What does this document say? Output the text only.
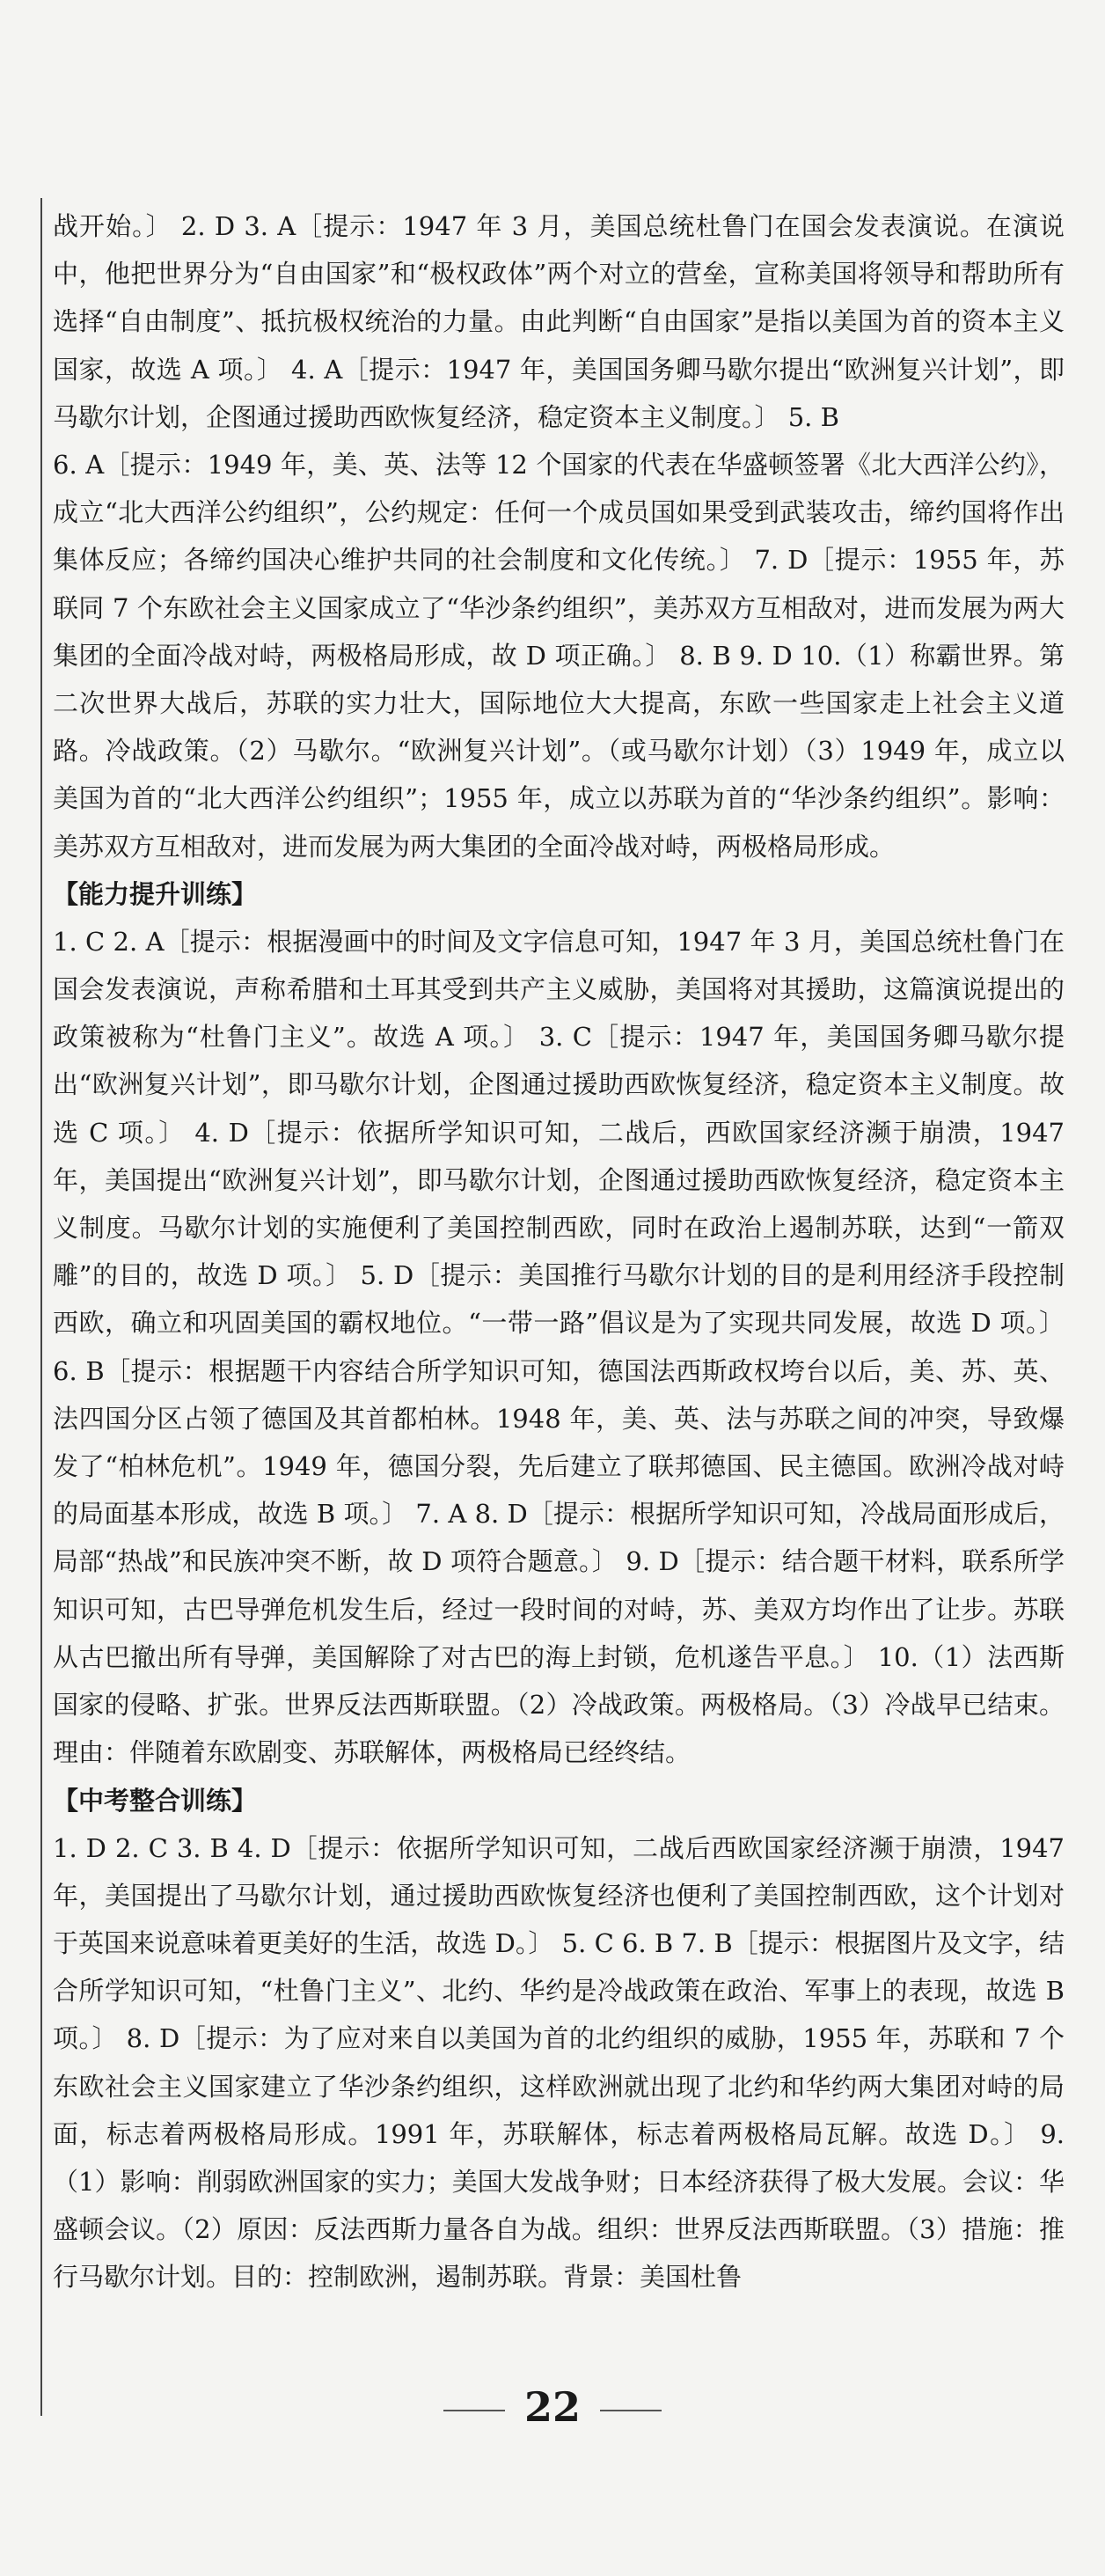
战开始。〕 2. D 3. A［提示：1947 年 3 月，美国总统杜鲁门在国会发表演说。在演说中，他把世界分为“自由国家”和“极权政体”两个对立的营垒，宣称美国将领导和帮助所有选择“自由制度”、抵抗极权统治的力量。由此判断“自由国家”是指以美国为首的资本主义国家，故选 A 项。〕 4. A［提示：1947 年，美国国务卿马歇尔提出“欧洲复兴计划”，即马歇尔计划，企图通过援助西欧恢复经济，稳定资本主义制度。〕 5. B

6. A［提示：1949 年，美、英、法等 12 个国家的代表在华盛顿签署《北大西洋公约》，成立“北大西洋公约组织”，公约规定：任何一个成员国如果受到武装攻击，缔约国将作出集体反应；各缔约国决心维护共同的社会制度和文化传统。〕 7. D［提示：1955 年，苏联同 7 个东欧社会主义国家成立了“华沙条约组织”，美苏双方互相敌对，进而发展为两大集团的全面冷战对峙，两极格局形成，故 D 项正确。〕 8. B 9. D 10.（1）称霸世界。第二次世界大战后，苏联的实力壮大，国际地位大大提高，东欧一些国家走上社会主义道路。冷战政策。（2）马歇尔。“欧洲复兴计划”。（或马歇尔计划）（3）1949 年，成立以美国为首的“北大西洋公约组织”；1955 年，成立以苏联为首的“华沙条约组织”。影响：美苏双方互相敌对，进而发展为两大集团的全面冷战对峙，两极格局形成。

【能力提升训练】

1. C 2. A［提示：根据漫画中的时间及文字信息可知，1947 年 3 月，美国总统杜鲁门在国会发表演说，声称希腊和土耳其受到共产主义威胁，美国将对其援助，这篇演说提出的政策被称为“杜鲁门主义”。故选 A 项。〕 3. C［提示：1947 年，美国国务卿马歇尔提出“欧洲复兴计划”，即马歇尔计划，企图通过援助西欧恢复经济，稳定资本主义制度。故选 C 项。〕 4. D［提示：依据所学知识可知，二战后，西欧国家经济濒于崩溃，1947 年，美国提出“欧洲复兴计划”，即马歇尔计划，企图通过援助西欧恢复经济，稳定资本主义制度。马歇尔计划的实施便利了美国控制西欧，同时在政治上遏制苏联，达到“一箭双雕”的目的，故选 D 项。〕 5. D［提示：美国推行马歇尔计划的目的是利用经济手段控制西欧，确立和巩固美国的霸权地位。“一带一路”倡议是为了实现共同发展，故选 D 项。〕 6. B［提示：根据题干内容结合所学知识可知，德国法西斯政权垮台以后，美、苏、英、法四国分区占领了德国及其首都柏林。1948 年，美、英、法与苏联之间的冲突，导致爆发了“柏林危机”。1949 年，德国分裂，先后建立了联邦德国、民主德国。欧洲冷战对峙的局面基本形成，故选 B 项。〕 7. A 8. D［提示：根据所学知识可知，冷战局面形成后，局部“热战”和民族冲突不断，故 D 项符合题意。〕 9. D［提示：结合题干材料，联系所学知识可知，古巴导弹危机发生后，经过一段时间的对峙，苏、美双方均作出了让步。苏联从古巴撤出所有导弹，美国解除了对古巴的海上封锁，危机遂告平息。〕 10.（1）法西斯国家的侵略、扩张。世界反法西斯联盟。（2）冷战政策。两极格局。（3）冷战早已结束。理由：伴随着东欧剧变、苏联解体，两极格局已经终结。

【中考整合训练】

1. D 2. C 3. B 4. D［提示：依据所学知识可知，二战后西欧国家经济濒于崩溃，1947 年，美国提出了马歇尔计划，通过援助西欧恢复经济也便利了美国控制西欧，这个计划对于英国来说意味着更美好的生活，故选 D。〕 5. C 6. B 7. B［提示：根据图片及文字，结合所学知识可知，“杜鲁门主义”、北约、华约是冷战政策在政治、军事上的表现，故选 B 项。〕 8. D［提示：为了应对来自以美国为首的北约组织的威胁，1955 年，苏联和 7 个东欧社会主义国家建立了华沙条约组织，这样欧洲就出现了北约和华约两大集团对峙的局面，标志着两极格局形成。1991 年，苏联解体，标志着两极格局瓦解。故选 D。〕 9.（1）影响：削弱欧洲国家的实力；美国大发战争财；日本经济获得了极大发展。会议：华盛顿会议。（2）原因：反法西斯力量各自为战。组织：世界反法西斯联盟。（3）措施：推行马歇尔计划。目的：控制欧洲，遏制苏联。背景：美国杜鲁

22
